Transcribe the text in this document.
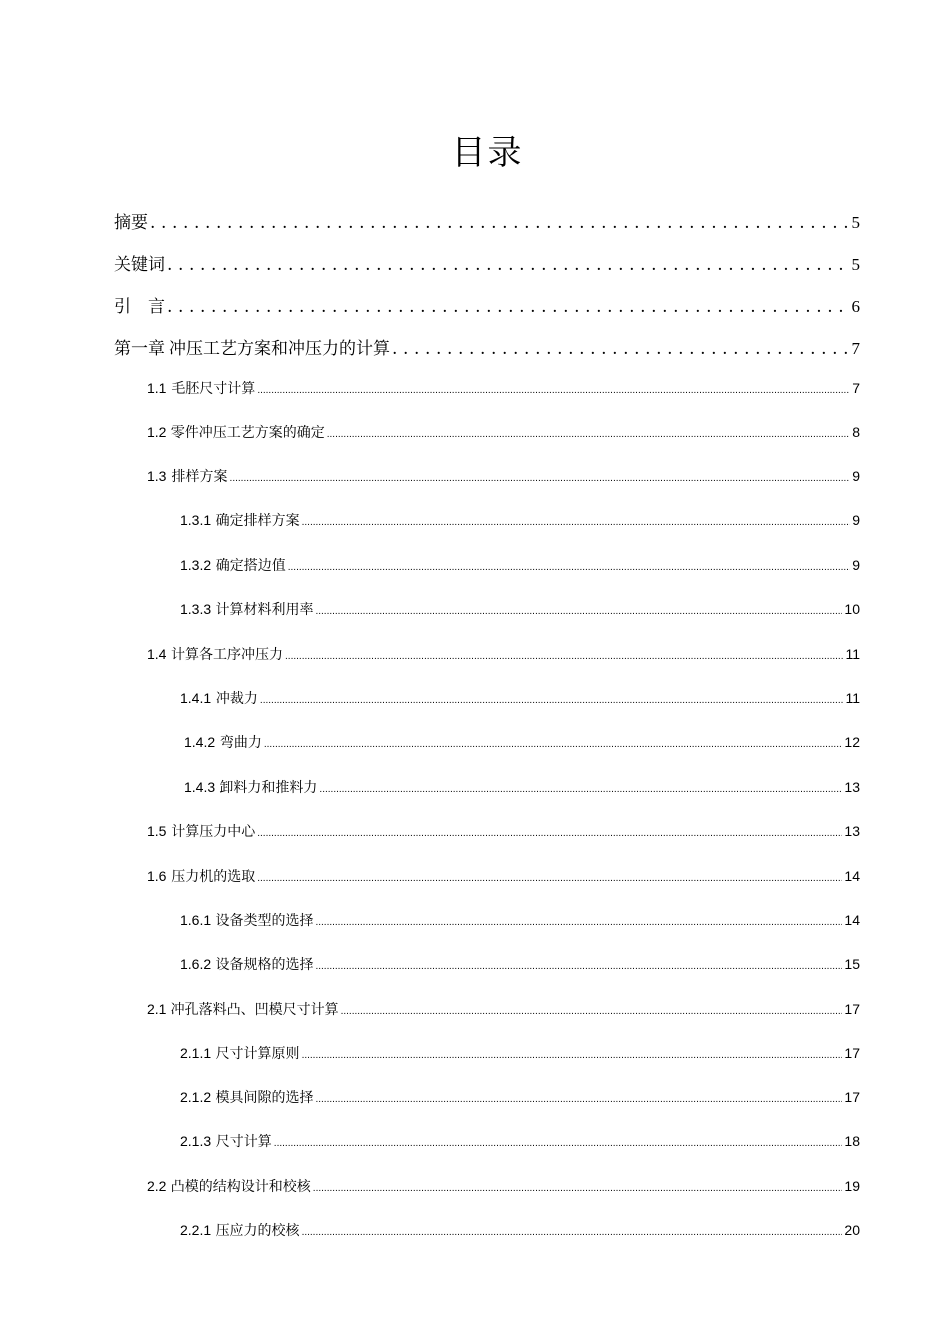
目录
摘要 .....	5
关键词 .....	5
引　言 .....	6
第一章 冲压工艺方案和冲压力的计算 .....	7
1.1 毛胚尺寸计算 .....	7
1.2 零件冲压工艺方案的确定 .....	8
1.3 排样方案 .....	9
1.3.1 确定排样方案 .....	9
1.3.2 确定搭边值 .....	9
1.3.3 计算材料利用率 .....	10
1.4 计算各工序冲压力 .....	11
1.4.1 冲裁力 .....	11
1.4.2 弯曲力 .....	12
1.4.3 卸料力和推料力 .....	13
1.5 计算压力中心 .....	13
1.6 压力机的选取 .....	14
1.6.1 设备类型的选择 .....	14
1.6.2 设备规格的选择 .....	15
2.1 冲孔落料凸、凹模尺寸计算 .....	17
2.1.1 尺寸计算原则 .....	17
2.1.2 模具间隙的选择 .....	17
2.1.3 尺寸计算 .....	18
2.2 凸模的结构设计和校核 .....	19
2.2.1 压应力的校核 .....	20
